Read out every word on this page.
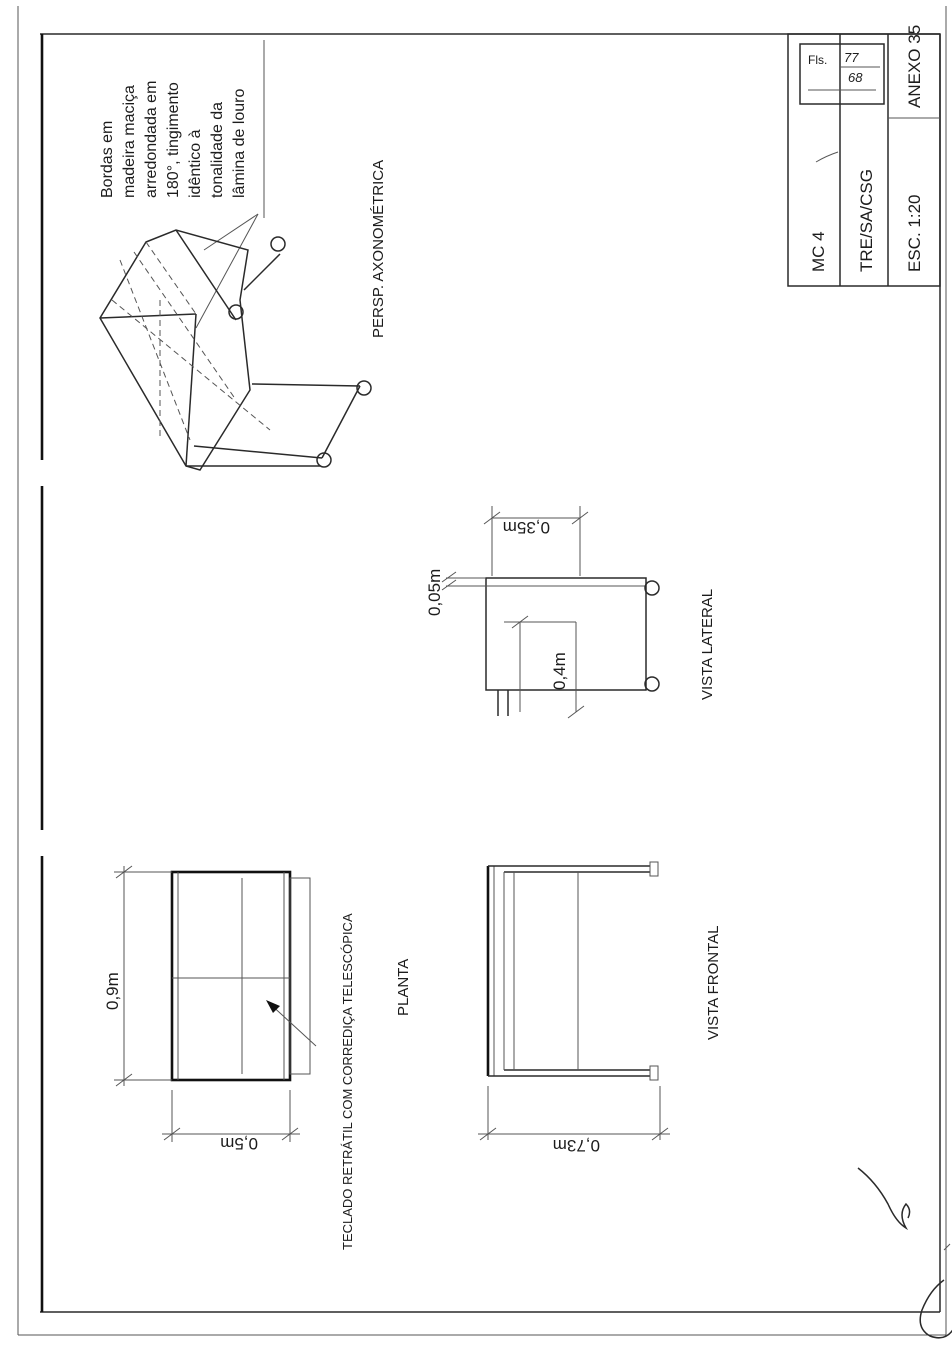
Fls. 77
68
MC 4 TRE/SA/CSG ESC. 1:20
ANEXO 35
Bordas em madeira maciça arredondada em 180°, tingimento idêntico à tonalidade da lâmina de louro
PERSP. AXONOMÉTRICA
0,35m
0,05m
0,4m	VISTA LATERAL
0,9m
0,5m	TECLADO RETRÁTIL COM CORREDIÇA TELESCÓPICA	PLANTA
0,73m
VISTA FRONTAL
